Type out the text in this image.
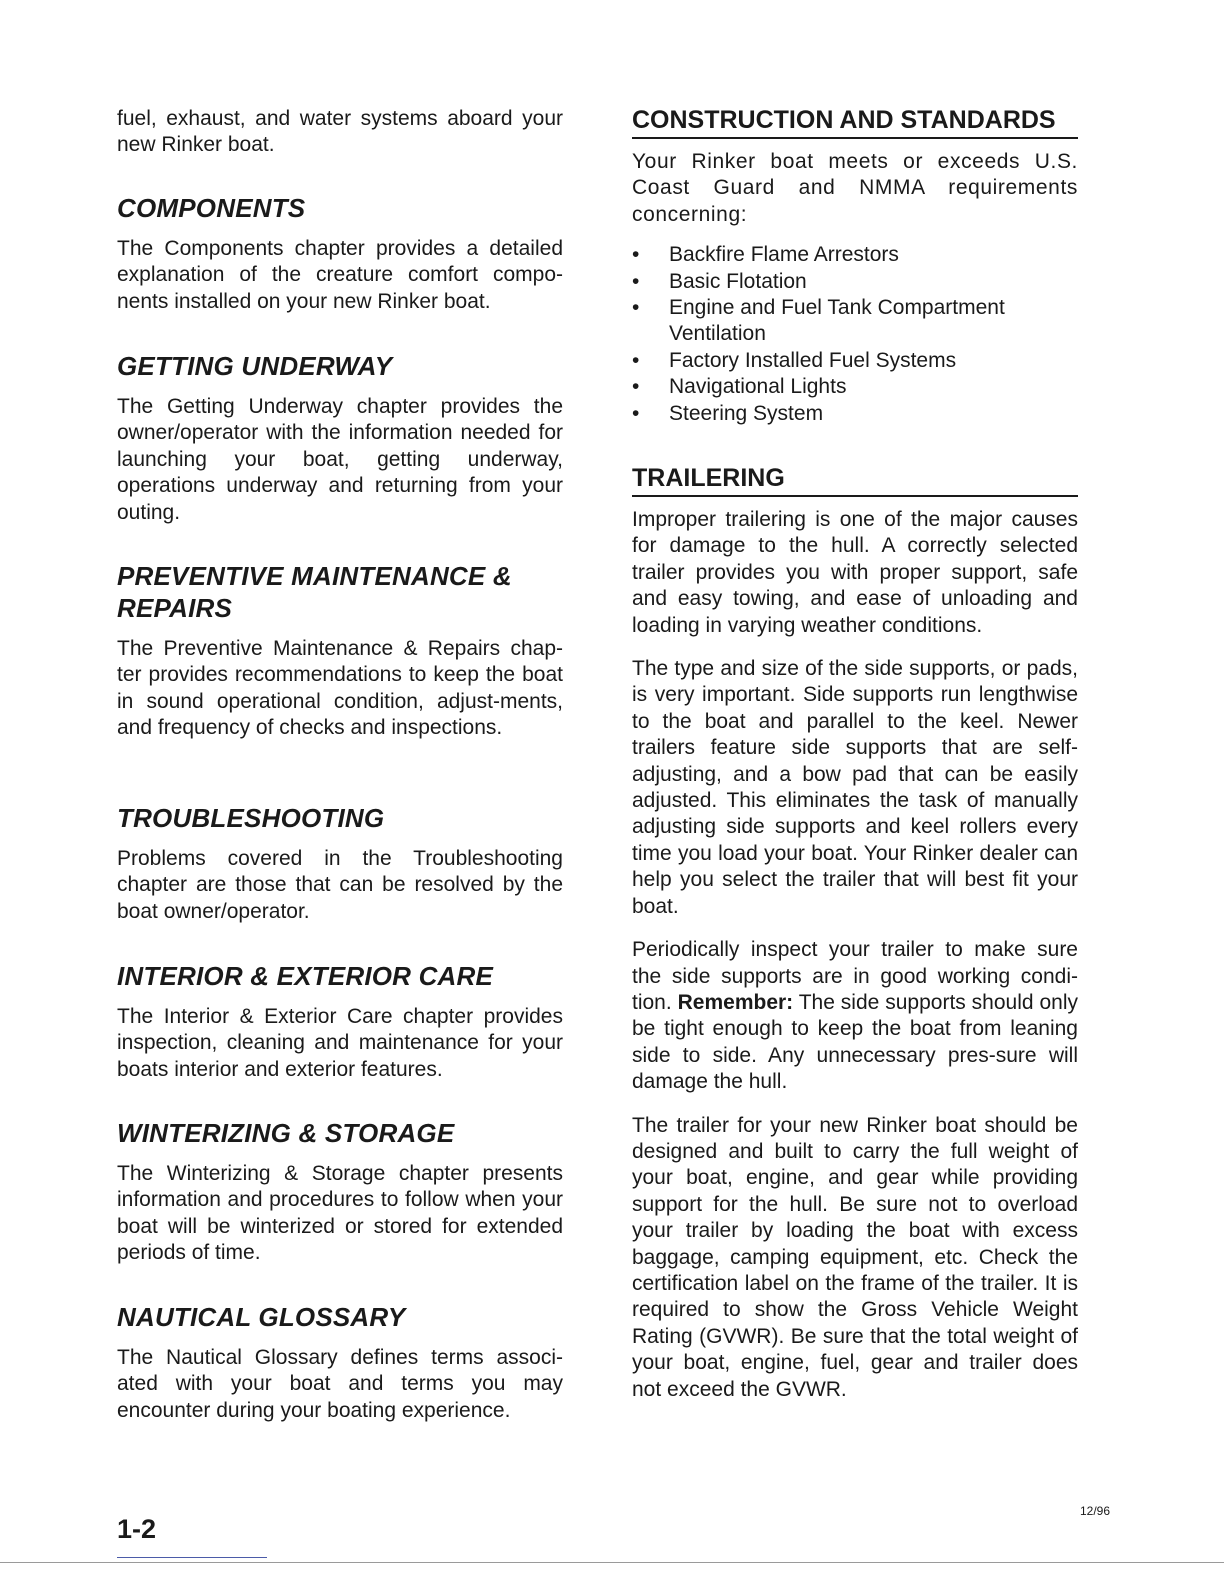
fuel, exhaust, and water systems aboard your new Rinker boat.

COMPONENTS

The Components chapter provides a detailed explanation of the creature comfort compo-nents installed on your new Rinker boat.

GETTING UNDERWAY

The Getting Underway chapter provides the owner/operator with the information needed for launching your boat, getting underway, operations underway and returning from your outing.

PREVENTIVE MAINTENANCE & REPAIRS

The Preventive Maintenance & Repairs chap-ter provides recommendations to keep the boat in sound operational condition, adjust-ments, and frequency of checks and inspections.

TROUBLESHOOTING

Problems covered in the Troubleshooting chapter are those that can be resolved by the boat owner/operator.

INTERIOR & EXTERIOR CARE

The Interior & Exterior Care chapter provides inspection, cleaning and maintenance for your boats interior and exterior features.

WINTERIZING & STORAGE

The Winterizing & Storage chapter presents information and procedures to follow when your boat will be winterized or stored for extended periods of time.

NAUTICAL GLOSSARY

The Nautical Glossary defines terms associ-ated with your boat and terms you may encounter during your boating experience.

CONSTRUCTION AND STANDARDS

Your Rinker boat meets or exceeds U.S. Coast Guard and NMMA requirements concerning:

• Backfire Flame Arrestors
• Basic Flotation
• Engine and Fuel Tank Compartment Ventilation
• Factory Installed Fuel Systems
• Navigational Lights
• Steering System
TRAILERING

Improper trailering is one of the major causes for damage to the hull. A correctly selected trailer provides you with proper support, safe and easy towing, and ease of unloading and loading in varying weather conditions.

The type and size of the side supports, or pads, is very important. Side supports run lengthwise to the boat and parallel to the keel. Newer trailers feature side supports that are self-adjusting, and a bow pad that can be easily adjusted. This eliminates the task of manually adjusting side supports and keel rollers every time you load your boat. Your Rinker dealer can help you select the trailer that will best fit your boat.

Periodically inspect your trailer to make sure the side supports are in good working condi-tion. Remember: The side supports should only be tight enough to keep the boat from leaning side to side. Any unnecessary pres-sure will damage the hull.

The trailer for your new Rinker boat should be designed and built to carry the full weight of your boat, engine, and gear while providing support for the hull. Be sure not to overload your trailer by loading the boat with excess baggage, camping equipment, etc. Check the certification label on the frame of the trailer. It is required to show the Gross Vehicle Weight Rating (GVWR). Be sure that the total weight of your boat, engine, fuel, gear and trailer does not exceed the GVWR.

1-2
12/96
